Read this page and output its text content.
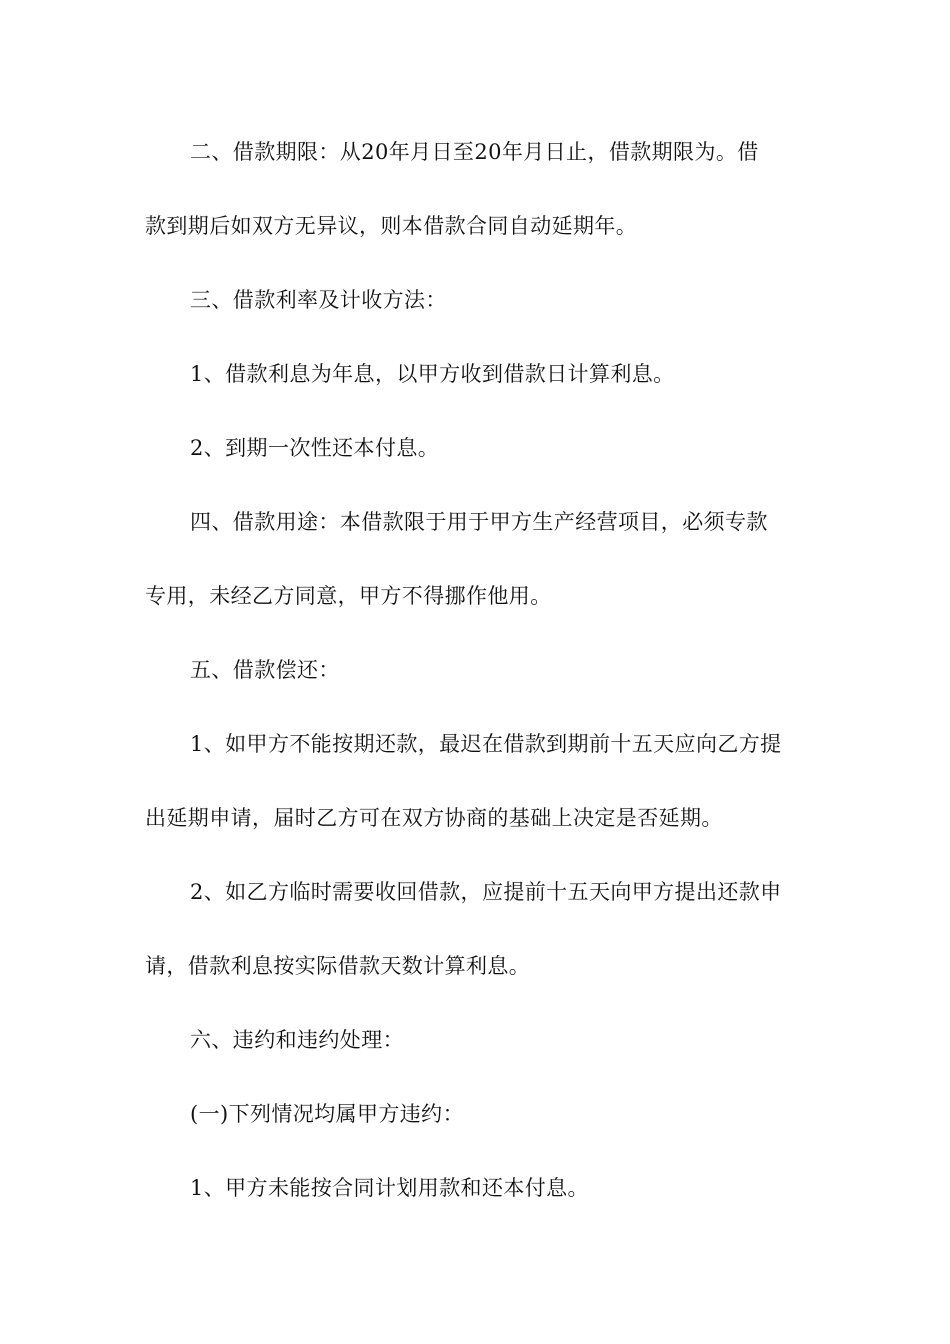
二、借款期限：从20年月日至20年月日止，借款期限为。借
款到期后如双方无异议，则本借款合同自动延期年。
三、借款利率及计收方法：
1、借款利息为年息，以甲方收到借款日计算利息。
2、到期一次性还本付息。
四、借款用途：本借款限于用于甲方生产经营项目，必须专款
专用，未经乙方同意，甲方不得挪作他用。
五、借款偿还：
1、如甲方不能按期还款，最迟在借款到期前十五天应向乙方提
出延期申请，届时乙方可在双方协商的基础上决定是否延期。
2、如乙方临时需要收回借款，应提前十五天向甲方提出还款申
请，借款利息按实际借款天数计算利息。
六、违约和违约处理：
(一)下列情况均属甲方违约：
1、甲方未能按合同计划用款和还本付息。
